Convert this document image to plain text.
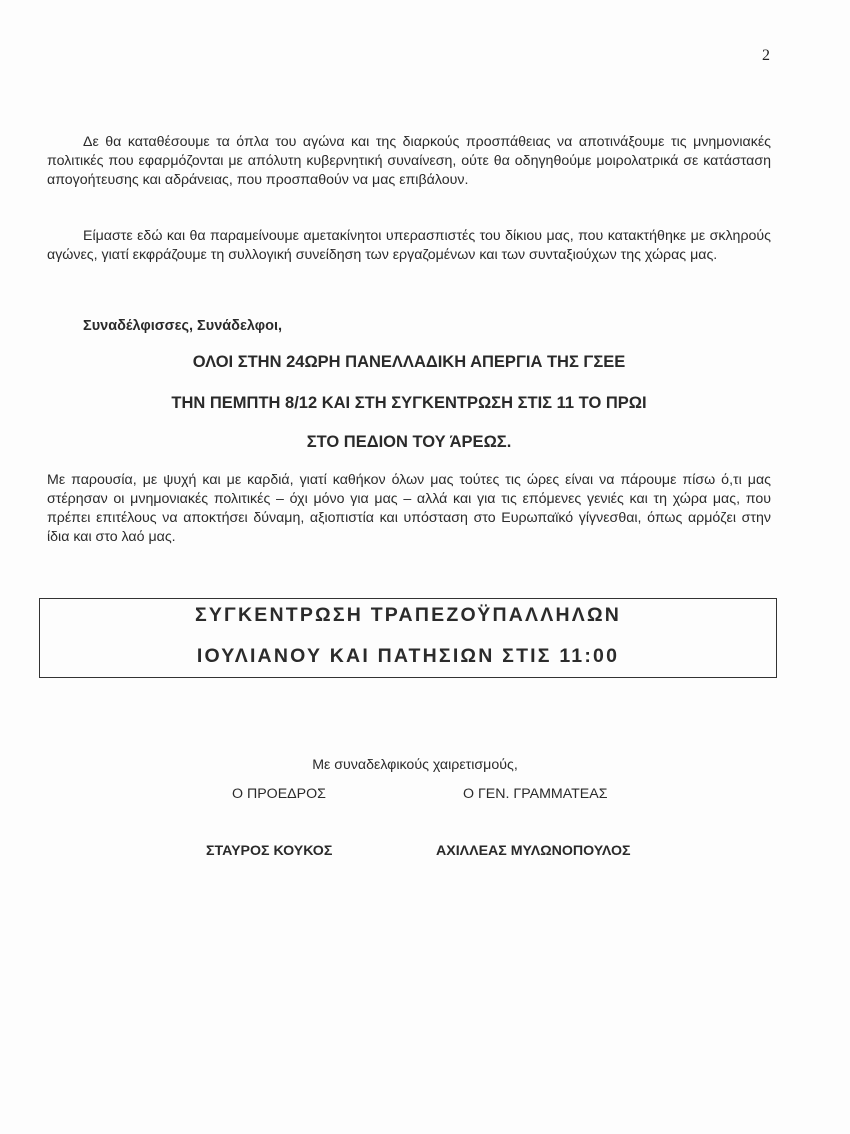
2

Δε θα καταθέσουμε τα όπλα του αγώνα και της διαρκούς προσπάθειας να αποτινάξουμε τις μνημονιακές πολιτικές που εφαρμόζονται με απόλυτη κυβερνητική συναίνεση, ούτε θα οδηγηθούμε μοιρολατρικά σε κατάσταση απογοήτευσης και αδράνειας, που προσπαθούν να μας επιβάλουν.

Είμαστε εδώ και θα παραμείνουμε αμετακίνητοι υπερασπιστές του δίκιου μας, που κατακτήθηκε με σκληρούς αγώνες, γιατί εκφράζουμε τη συλλογική συνείδηση των εργαζομένων και των συνταξιούχων της χώρας μας.

Συναδέλφισσες, Συνάδελφοι,
ΟΛΟΙ ΣΤΗΝ 24ΩΡΗ ΠΑΝΕΛΛΑΔΙΚΗ ΑΠΕΡΓΙΑ ΤΗΣ ΓΣΕΕ
ΤΗΝ ΠΕΜΠΤΗ 8/12 ΚΑΙ ΣΤΗ ΣΥΓΚΕΝΤΡΩΣΗ ΣΤΙΣ 11 ΤΟ ΠΡΩΙ
ΣΤΟ ΠΕΔΙΟΝ ΤΟΥ ΆΡΕΩΣ.

Με παρουσία, με ψυχή και με καρδιά, γιατί καθήκον όλων μας τούτες τις ώρες είναι να πάρουμε πίσω ό,τι μας στέρησαν οι μνημονιακές πολιτικές – όχι μόνο για μας – αλλά και για τις επόμενες γενιές και τη χώρα μας, που πρέπει επιτέλους να αποκτήσει δύναμη, αξιοπιστία και υπόσταση στο Ευρωπαϊκό γίγνεσθαι, όπως αρμόζει στην ίδια και στο λαό μας.

ΣΥΓΚΕΝΤΡΩΣΗ ΤΡΑΠΕΖΟΫΠΑΛΛΗΛΩΝ
ΙΟΥΛΙΑΝΟΥ ΚΑΙ ΠΑΤΗΣΙΩΝ ΣΤΙΣ 11:00
Με συναδελφικούς χαιρετισμούς,
Ο ΠΡΟΕΔΡΟΣ	Ο ΓΕΝ. ΓΡΑΜΜΑΤΕΑΣ
ΣΤΑΥΡΟΣ ΚΟΥΚΟΣ	ΑΧΙΛΛΕΑΣ ΜΥΛΩΝΟΠΟΥΛΟΣ
